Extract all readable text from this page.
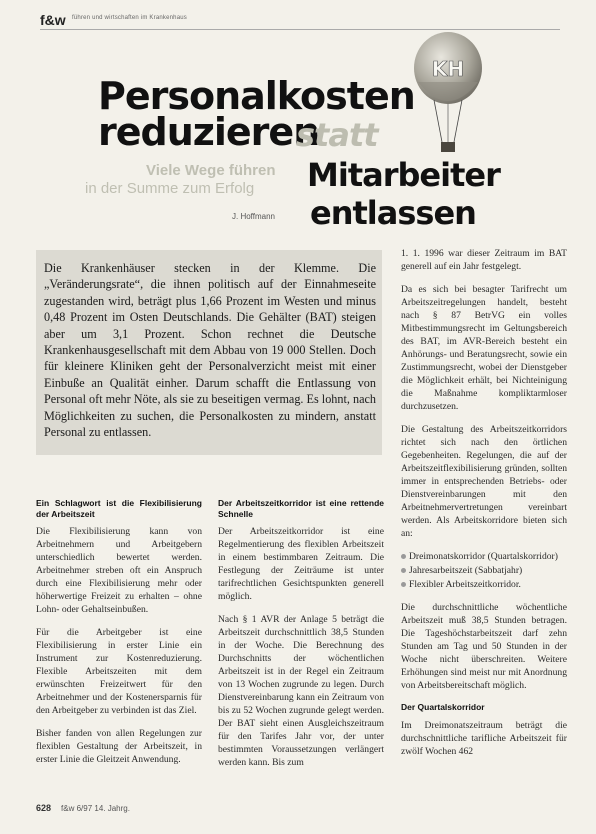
f&w führen und wirtschaften im Krankenhaus
KH
Personalkosten
reduzieren
statt
Viele Wege führen
in der Summe zum Erfolg Mitarbeiter
J. Hoffmann entlassen

Die Krankenhäuser stecken in der Klemme. Die „Veränderungsrate“, die ihnen politisch auf der Einnahmeseite zugestanden wird, beträgt plus 1,66 Prozent im Westen und minus 0,48 Prozent im Osten Deutschlands. Die Gehälter (BAT) steigen aber um 3,1 Prozent. Schon rechnet die Deutsche Krankenhausgesellschaft mit dem Abbau von 19 000 Stellen. Doch für kleinere Kliniken geht der Personalverzicht meist mit einer Einbuße an Qualität einher. Darum schafft die Entlassung von Personal oft mehr Nöte, als sie zu beseitigen vermag. Es lohnt, nach Möglichkeiten zu suchen, die Personalkosten zu mindern, anstatt Personal zu entlassen.

1. 1. 1996 war dieser Zeitraum im BAT generell auf ein Jahr festgelegt.

Da es sich bei besagter Tarifrecht um Arbeitszeitregelungen handelt, besteht nach § 87 BetrVG ein volles Mitbestimmungsrecht im Geltungsbereich des BAT, im AVR-Bereich besteht ein Anhörungs- und Beratungsrecht, sowie ein Zustimmungsrecht, wobei der Dienstgeber die Möglichkeit erhält, bei Nichteinigung die Maßnahme kompliktarmloser durchzusetzen.

Die Gestaltung des Arbeitszeitkorridors richtet sich nach den örtlichen Gegebenheiten. Regelungen, die auf der Arbeitszeitflexibilisierung gründen, sollten immer in entsprechenden Betriebs- oder Dienstvereinbarungen mit den Arbeitnehmervertretungen vereinbart werden. Als Arbeitskorridore bieten sich an:

Dreimonatskorridor (Quartalskorridor)
Jahresarbeitszeit (Sabbatjahr)
Flexibler Arbeitszeitkorridor.

Die durchschnittliche wöchentliche Arbeitszeit muß 38,5 Stunden betragen. Die Tageshöchstarbeitszeit darf zehn Stunden am Tag und 50 Stunden in der Woche nicht überschreiten. Weitere Erhöhungen sind meist nur mit Anordnung von Arbeitsbereitschaft möglich.

Der Quartalskorridor

Im Dreimonatszeitraum beträgt die durchschnittliche tarifliche Arbeitszeit für zwölf Wochen 462

Ein Schlagwort ist die Flexibilisierung der Arbeitszeit

Die Flexibilisierung kann von Arbeitnehmern und Arbeitgebern unterschiedlich bewertet werden. Arbeitnehmer streben oft ein Anspruch durch eine Flexibilisierung mehr oder höherwertige Freizeit zu erhalten – ohne Lohn- oder Gehaltseinbußen.

Für die Arbeitgeber ist eine Flexibilisierung in erster Linie ein Instrument zur Kostenreduzierung. Flexible Arbeitszeiten mit dem erwünschten Freizeitwert für den Arbeitnehmer und der Kostenersparnis für den Arbeitgeber zu verbinden ist das Ziel.

Bisher fanden von allen Regelungen zur flexiblen Gestaltung der Arbeitszeit, in erster Linie die Gleitzeit Anwendung.

Der Arbeitszeitkorridor ist eine rettende Schnelle

Der Arbeitszeitkorridor ist eine Regelmentierung des flexiblen Arbeitszeit in einem bestimmbaren Zeitraum. Die Festlegung der Zeiträume ist unter tarifrechtlichen Gesichtspunkten generell möglich.

Nach § 1 AVR der Anlage 5 beträgt die Arbeitszeit durchschnittlich 38,5 Stunden in der Woche. Die Berechnung des Durchschnitts der wöchentlichen Arbeitszeit ist in der Regel ein Zeitraum von 13 Wochen zugrunde zu legen. Durch Dienstvereinbarung kann ein Zeitraum von bis zu 52 Wochen zugrunde gelegt werden. Der BAT sieht einen Ausgleichszeitraum für den Tarifes Jahr vor, der unter bestimmten Voraussetzungen verlängert werden kann. Bis zum

628 f&w 6/97 14. Jahrg.
